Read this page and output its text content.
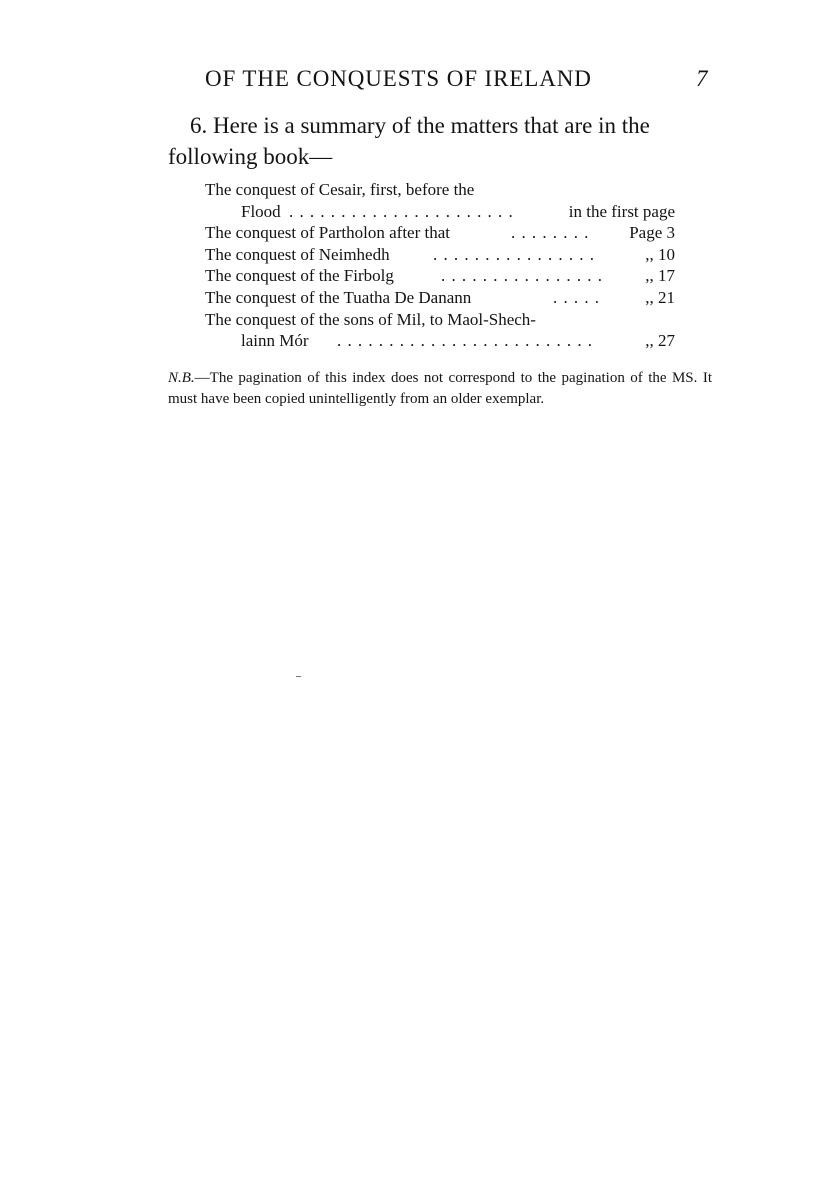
OF THE CONQUESTS OF IRELAND	7

6. Here is a summary of the matters that are in the following book—

The conquest of Cesair, first, before the
Flood ......................	in the first page
The conquest of Partholon after that	........	Page 3
The conquest of Neimhedh	................	,, 10
The conquest of the Firbolg	................	,, 17
The conquest of the Tuatha De Danann	.....	,, 21
The conquest of the sons of Mil, to Maol-Shech-
lainn Mór .........................	,, 27

N.B.—The pagination of this index does not correspond to the pagination of the MS. It must have been copied unintelligently from an older exemplar.
